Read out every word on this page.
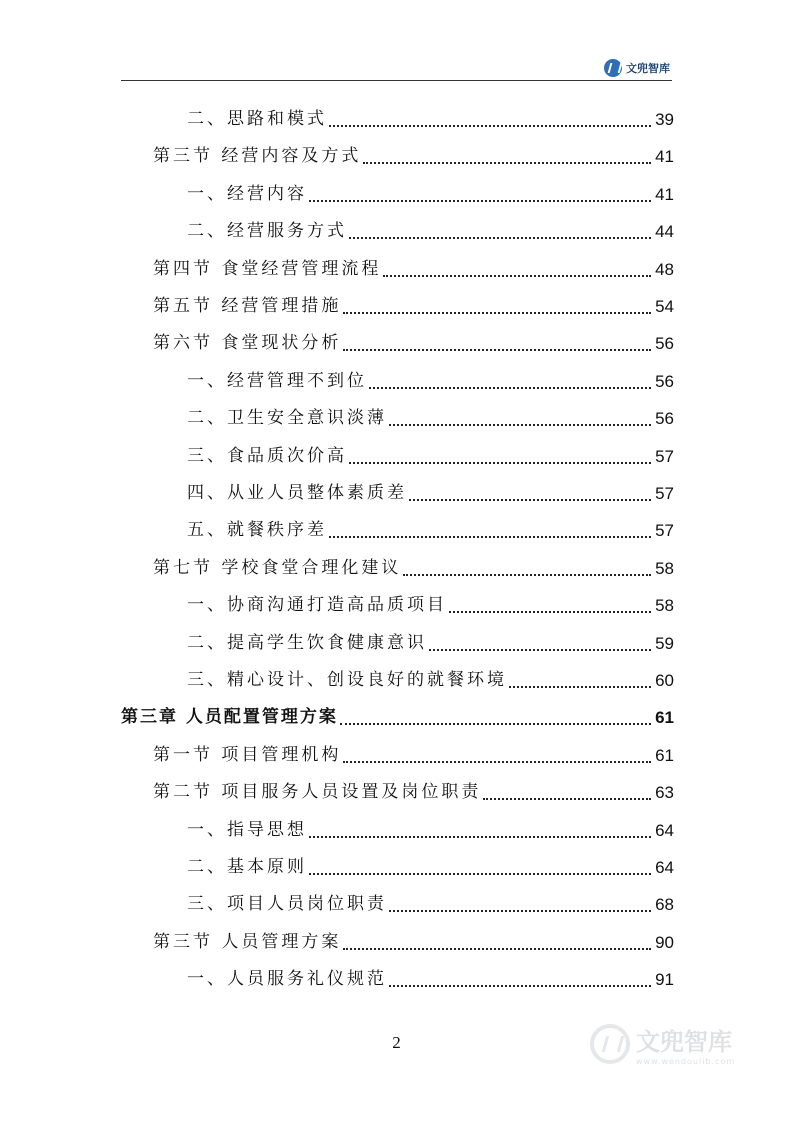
文兜智库
二、思路和模式	39
第三节 经营内容及方式	41
一、经营内容	41
二、经营服务方式	44
第四节 食堂经营管理流程	48
第五节 经营管理措施	54
第六节 食堂现状分析	56
一、经营管理不到位	56
二、卫生安全意识淡薄	56
三、食品质次价高	57
四、从业人员整体素质差	57
五、就餐秩序差	57
第七节 学校食堂合理化建议	58
一、协商沟通打造高品质项目	58
二、提高学生饮食健康意识	59
三、精心设计、创设良好的就餐环境	60
第三章 人员配置管理方案	61
第一节 项目管理机构	61
第二节 项目服务人员设置及岗位职责	63
一、指导思想	64
二、基本原则	64
三、项目人员岗位职责	68
第三节 人员管理方案	90
一、人员服务礼仪规范	91
2	文兜智库
www.wendoulib.com
